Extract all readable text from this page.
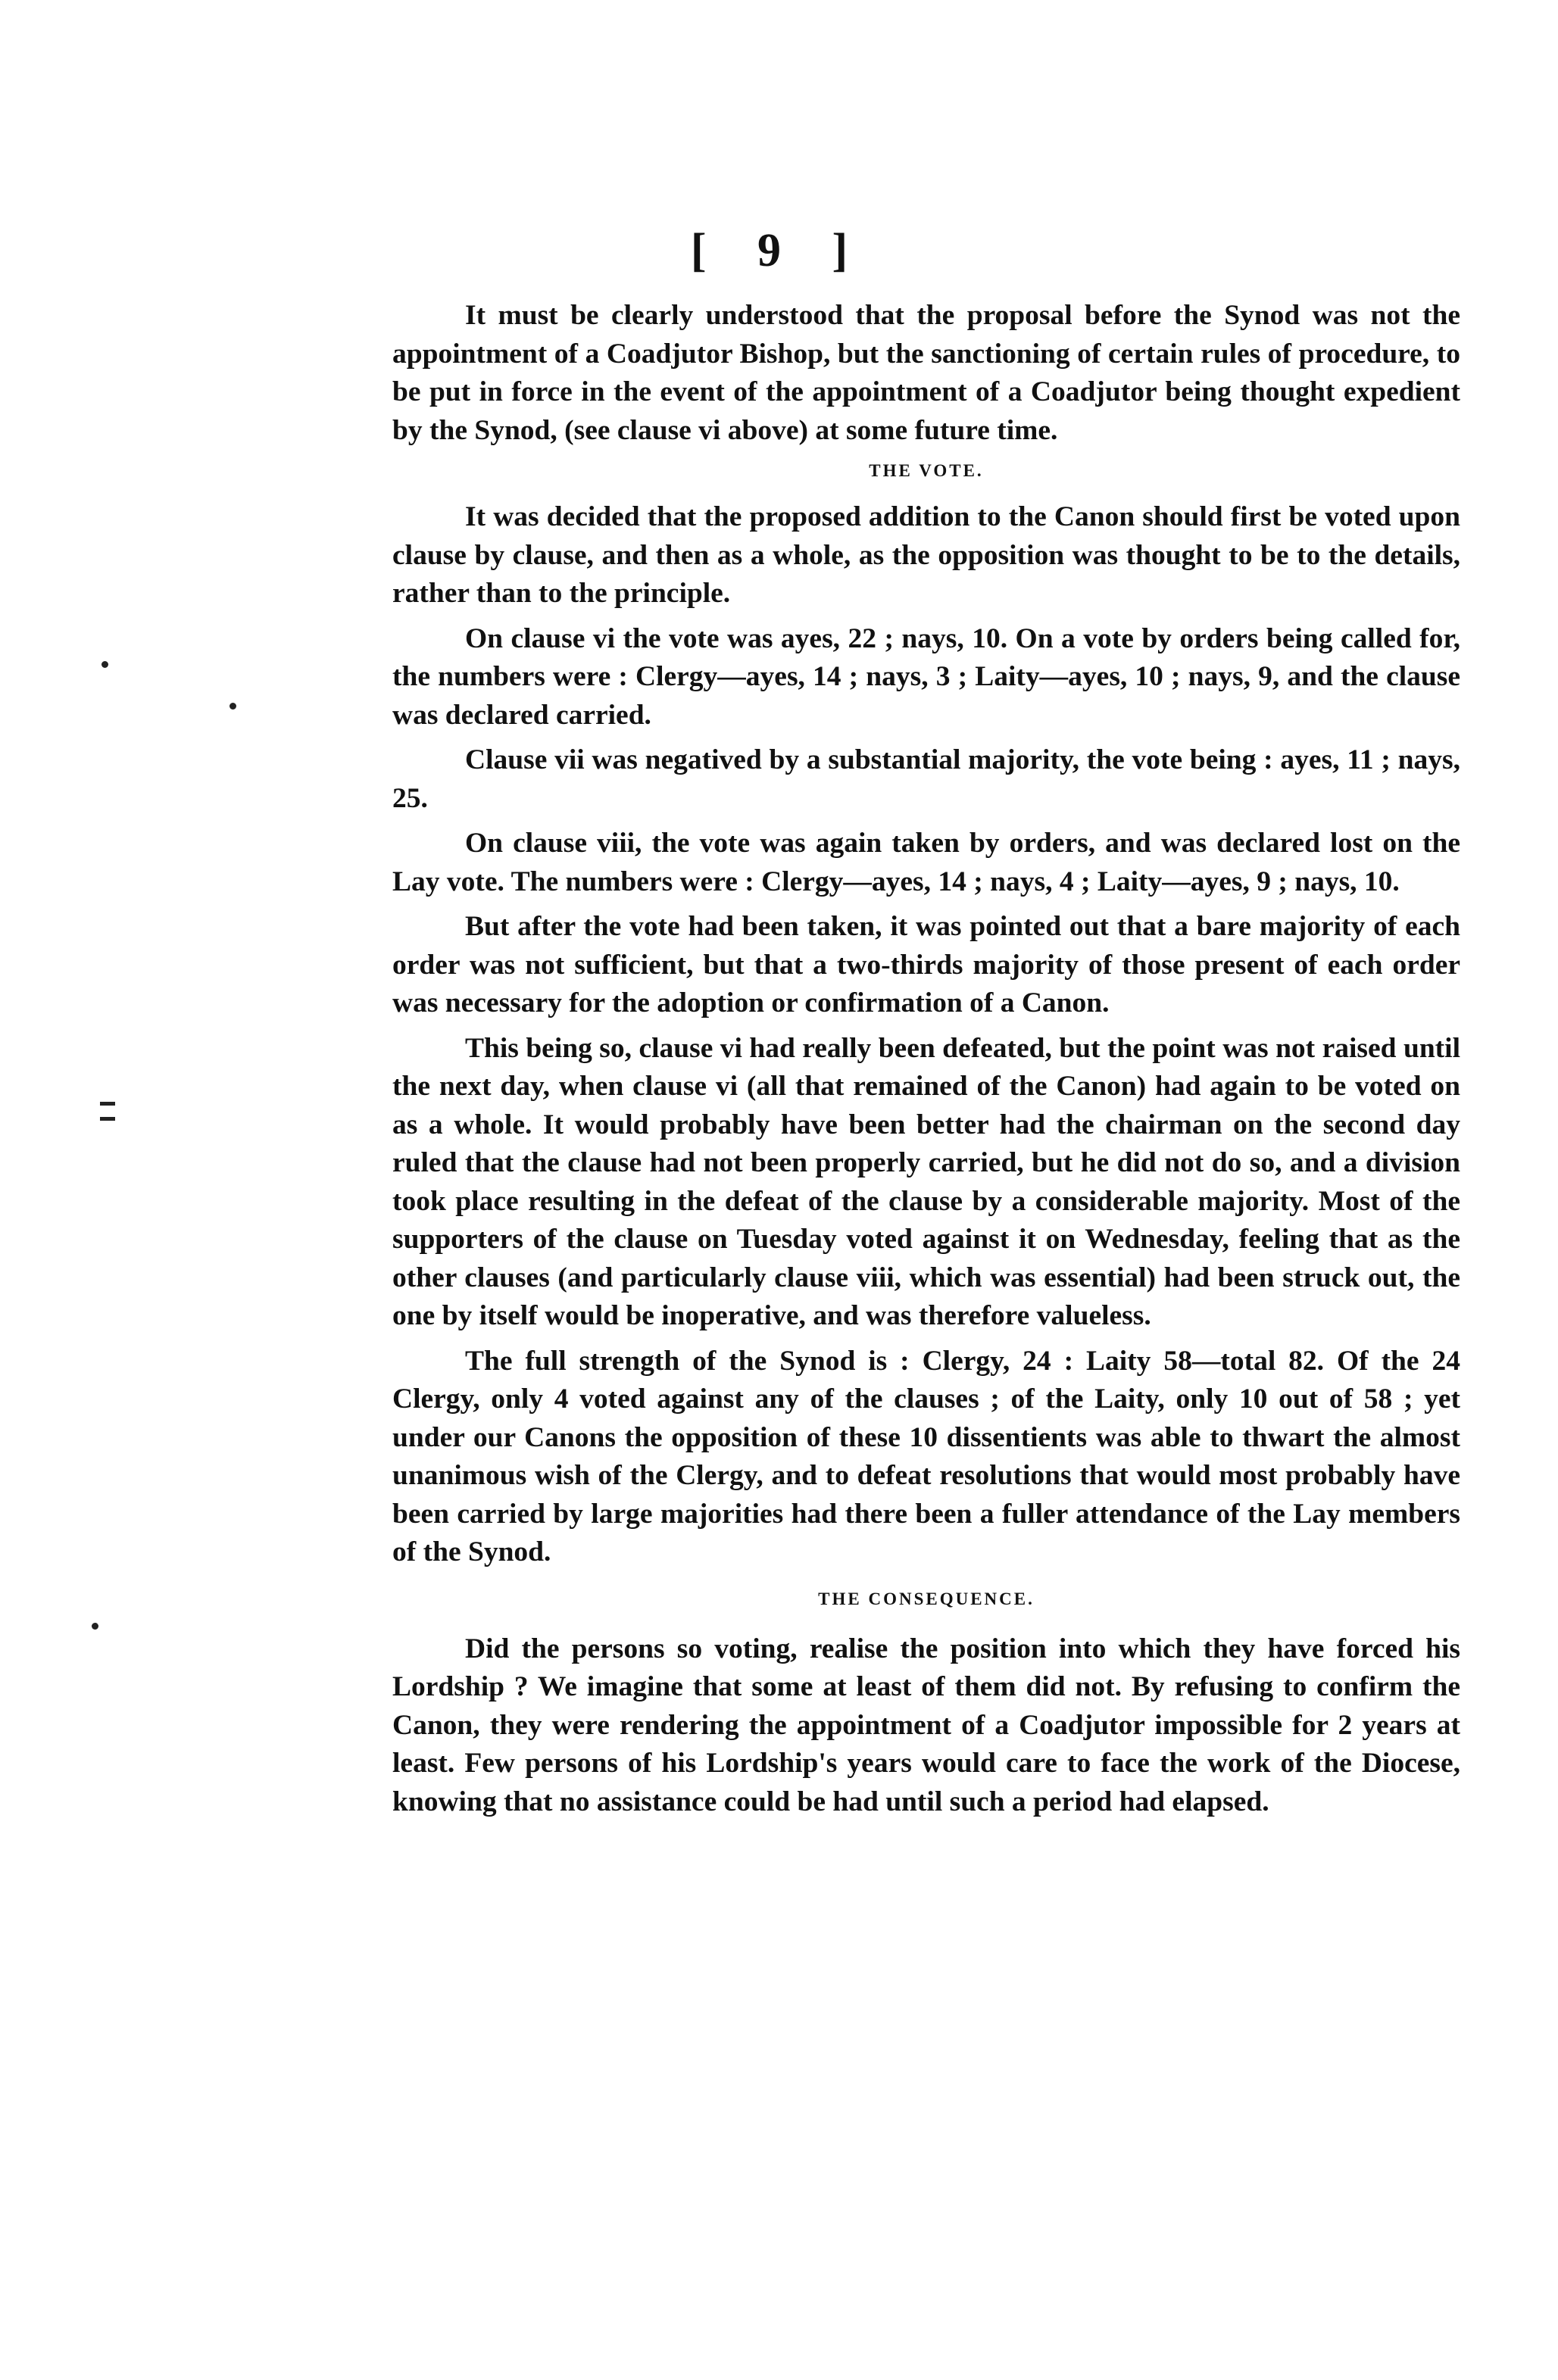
[ 9 ]

It must be clearly understood that the proposal before the Synod was not the appointment of a Coadjutor Bishop, but the sanctioning of certain rules of procedure, to be put in force in the event of the appointment of a Coadjutor being thought expedient by the Synod, (see clause vi above) at some future time.

THE VOTE.

It was decided that the proposed addition to the Canon should first be voted upon clause by clause, and then as a whole, as the opposition was thought to be to the details, rather than to the principle.

On clause vi the vote was ayes, 22 ; nays, 10. On a vote by orders being called for, the numbers were : Clergy—ayes, 14 ; nays, 3 ; Laity—ayes, 10 ; nays, 9, and the clause was declared carried.

Clause vii was negatived by a substantial majority, the vote being : ayes, 11 ; nays, 25.

On clause viii, the vote was again taken by orders, and was declared lost on the Lay vote. The numbers were : Clergy—ayes, 14 ; nays, 4 ; Laity—ayes, 9 ; nays, 10.

But after the vote had been taken, it was pointed out that a bare majority of each order was not sufficient, but that a two-thirds majority of those present of each order was necessary for the adoption or confirmation of a Canon.

This being so, clause vi had really been defeated, but the point was not raised until the next day, when clause vi (all that remained of the Canon) had again to be voted on as a whole. It would probably have been better had the chairman on the second day ruled that the clause had not been properly carried, but he did not do so, and a division took place resulting in the defeat of the clause by a considerable majority. Most of the supporters of the clause on Tuesday voted against it on Wednesday, feeling that as the other clauses (and particularly clause viii, which was essential) had been struck out, the one by itself would be inoperative, and was therefore valueless.

The full strength of the Synod is : Clergy, 24 : Laity 58—total 82. Of the 24 Clergy, only 4 voted against any of the clauses ; of the Laity, only 10 out of 58 ; yet under our Canons the opposition of these 10 dissentients was able to thwart the almost unanimous wish of the Clergy, and to defeat resolutions that would most probably have been carried by large majorities had there been a fuller attendance of the Lay members of the Synod.

THE CONSEQUENCE.

Did the persons so voting, realise the position into which they have forced his Lordship ? We imagine that some at least of them did not. By refusing to confirm the Canon, they were rendering the appointment of a Coadjutor impossible for 2 years at least. Few persons of his Lordship's years would care to face the work of the Diocese, knowing that no assistance could be had until such a period had elapsed.
